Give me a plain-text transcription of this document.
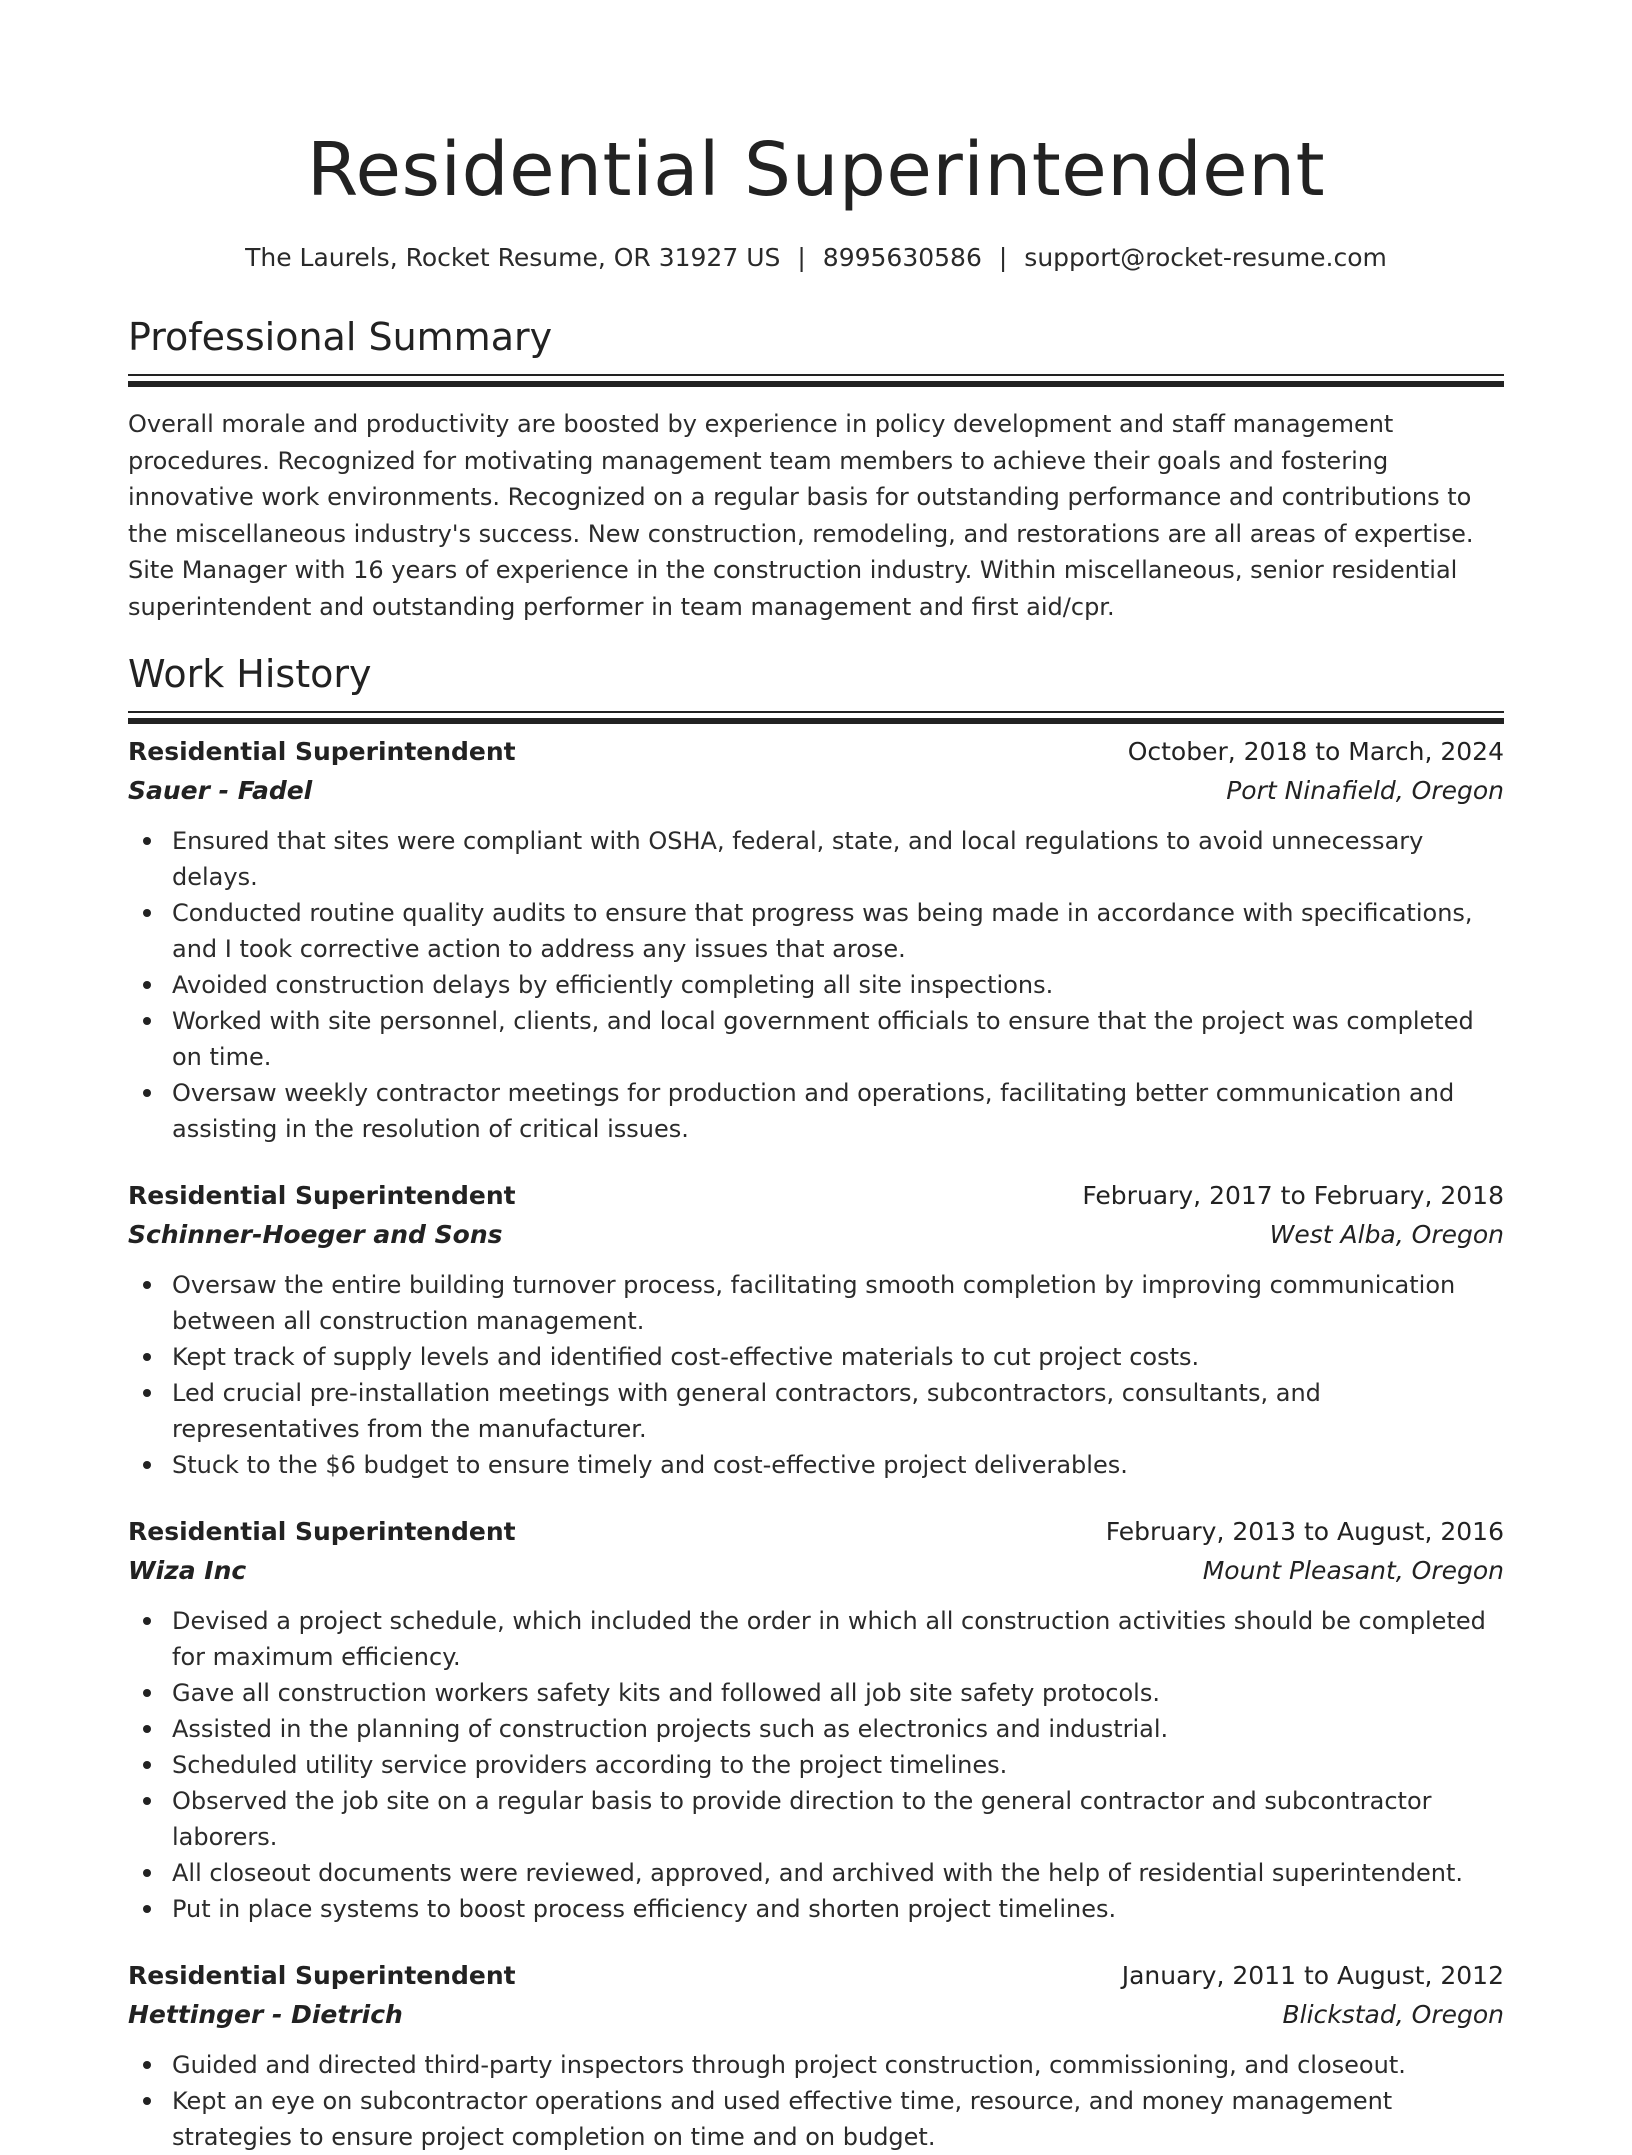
Residential Superintendent
The Laurels, Rocket Resume, OR 31927 US | 8995630586 | support@rocket-resume.com
Professional Summary

Overall morale and productivity are boosted by experience in policy development and staff management procedures. Recognized for motivating management team members to achieve their goals and fostering innovative work environments. Recognized on a regular basis for outstanding performance and contributions to the miscellaneous industry's success. New construction, remodeling, and restorations are all areas of expertise. Site Manager with 16 years of experience in the construction industry. Within miscellaneous, senior residential superintendent and outstanding performer in team management and first aid/cpr.

Work History
Residential Superintendent	October, 2018 to March, 2024
Sauer - Fadel	Port Ninafield, Oregon
Ensured that sites were compliant with OSHA, federal, state, and local regulations to avoid unnecessary delays.
Conducted routine quality audits to ensure that progress was being made in accordance with specifications, and I took corrective action to address any issues that arose.
Avoided construction delays by efficiently completing all site inspections.
Worked with site personnel, clients, and local government officials to ensure that the project was completed on time.
Oversaw weekly contractor meetings for production and operations, facilitating better communication and assisting in the resolution of critical issues.
Residential Superintendent	February, 2017 to February, 2018
Schinner-Hoeger and Sons	West Alba, Oregon
Oversaw the entire building turnover process, facilitating smooth completion by improving communication between all construction management.
Kept track of supply levels and identified cost-effective materials to cut project costs.
Led crucial pre-installation meetings with general contractors, subcontractors, consultants, and representatives from the manufacturer.
Stuck to the $6 budget to ensure timely and cost-effective project deliverables.
Residential Superintendent	February, 2013 to August, 2016
Wiza Inc	Mount Pleasant, Oregon
Devised a project schedule, which included the order in which all construction activities should be completed for maximum efficiency.
Gave all construction workers safety kits and followed all job site safety protocols.
Assisted in the planning of construction projects such as electronics and industrial.
Scheduled utility service providers according to the project timelines.
Observed the job site on a regular basis to provide direction to the general contractor and subcontractor laborers.
All closeout documents were reviewed, approved, and archived with the help of residential superintendent.
Put in place systems to boost process efficiency and shorten project timelines.
Residential Superintendent	January, 2011 to August, 2012
Hettinger - Dietrich	Blickstad, Oregon
Guided and directed third-party inspectors through project construction, commissioning, and closeout.
Kept an eye on subcontractor operations and used effective time, resource, and money management strategies to ensure project completion on time and on budget.
